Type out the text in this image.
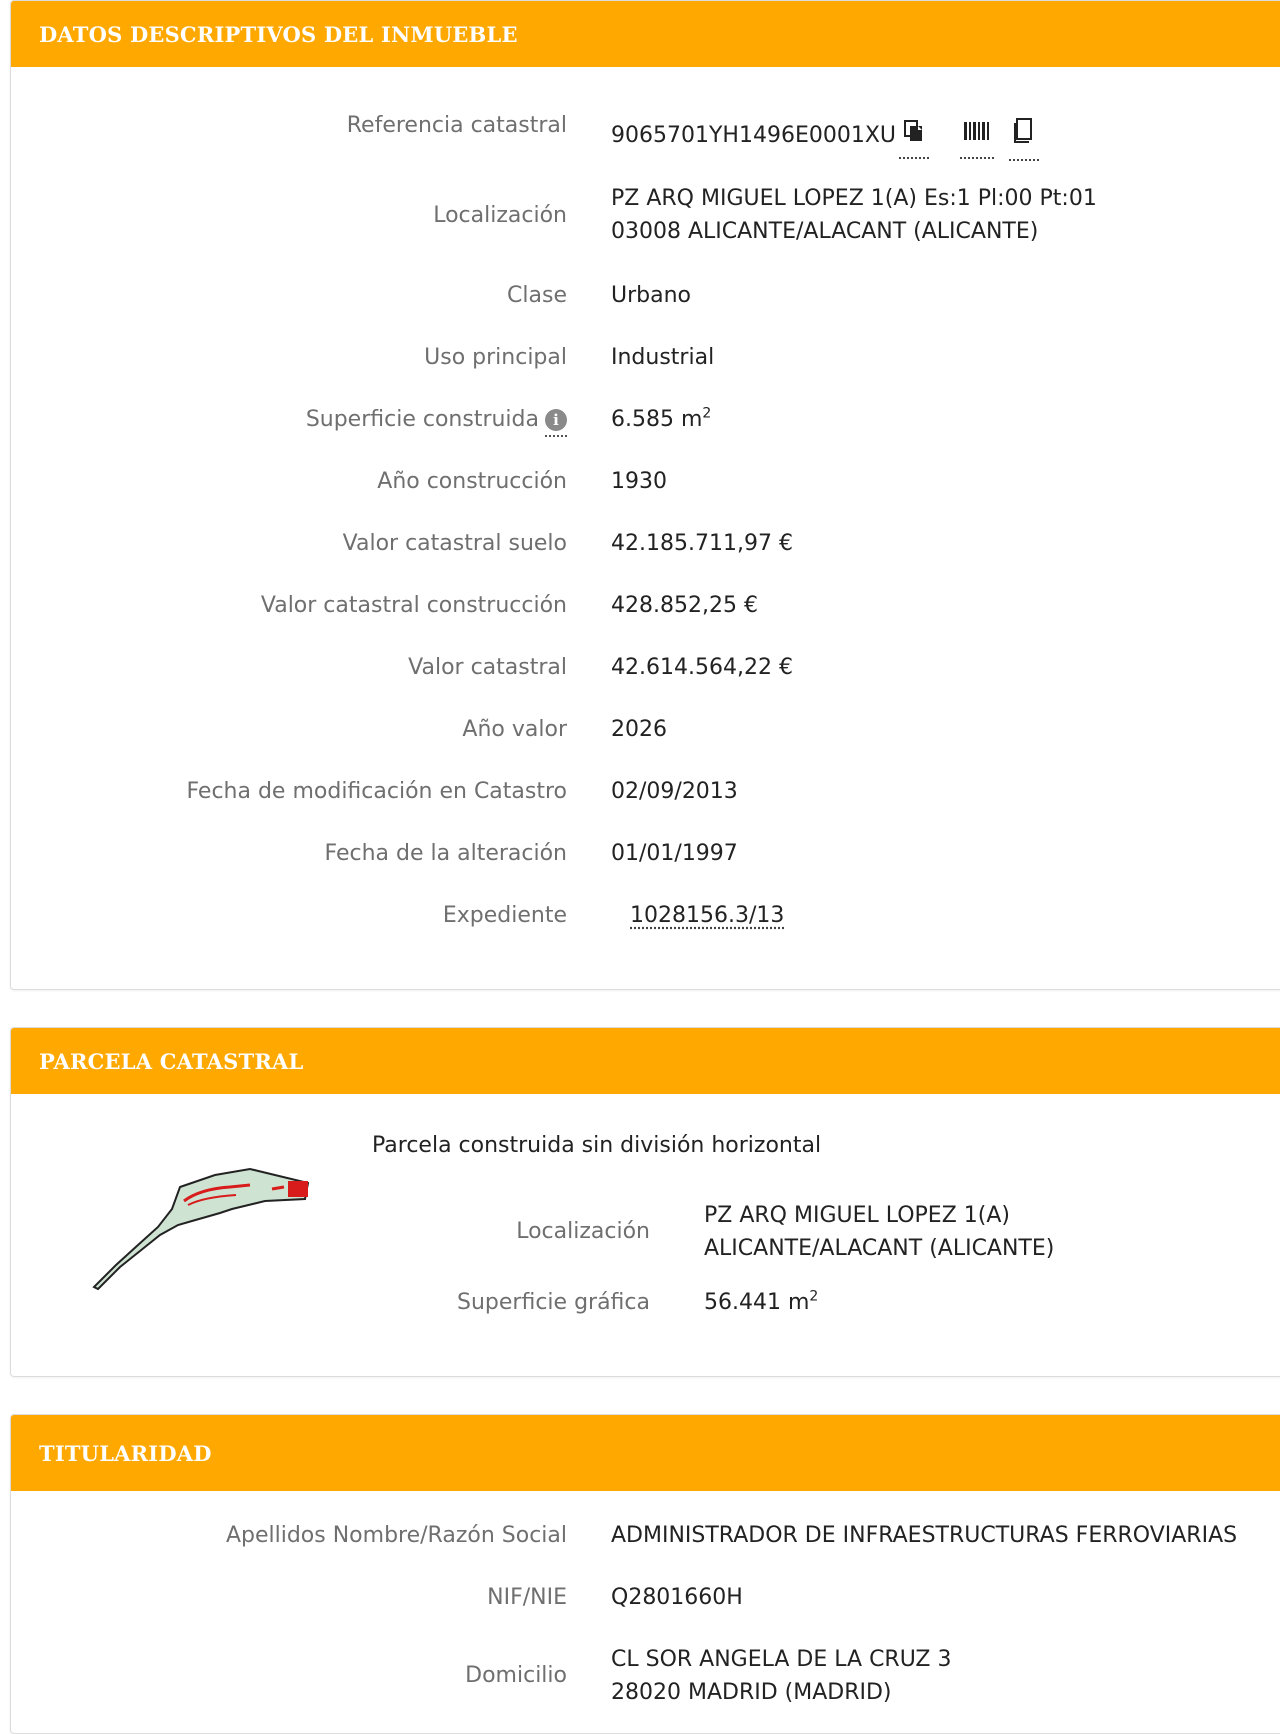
DATOS DESCRIPTIVOS DEL INMUEBLE
Referencia catastral 9065701YH1496E0001XU
Localización
PZ ARQ MIGUEL LOPEZ 1(A) Es:1 Pl:00 Pt:01
03008 ALICANTE/ALACANT (ALICANTE)
Clase Urbano
Uso principal Industrial
Superficie construida i	6.585 $m^2$
Año construcción 1930
Valor catastral suelo 42.185.711,97 €
Valor catastral construcción 428.852,25 €
Valor catastral 42.614.564,22 €
Año valor 2026
Fecha de modificación en Catastro 02/09/2013
Fecha de la alteración 01/01/1997
Expediente	1028156.3/13
PARCELA CATASTRAL
Parcela construida sin división horizontal
Localización
PZ ARQ MIGUEL LOPEZ 1(A)
ALICANTE/ALACANT (ALICANTE)
Superficie gráfica 56.441 $m^2$
TITULARIDAD
Apellidos Nombre/Razón Social ADMINISTRADOR DE INFRAESTRUCTURAS FERROVIARIAS
NIF/NIE Q2801660H
Domicilio
CL SOR ANGELA DE LA CRUZ 3
28020 MADRID (MADRID)
